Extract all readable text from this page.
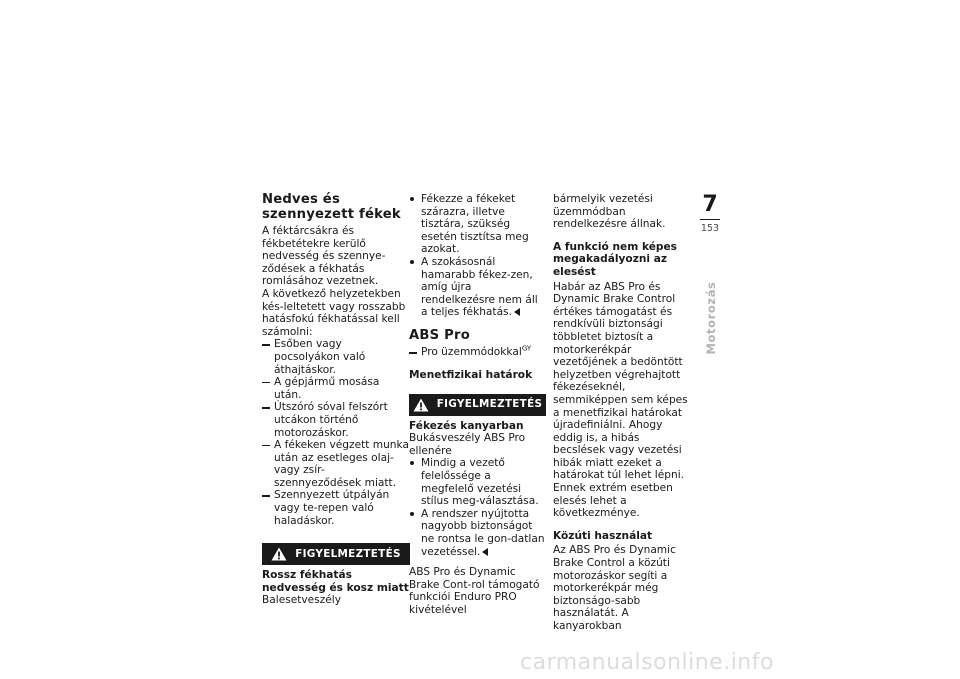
Nedves és szennyezett fékek

A féktárcsákra és fékbetétekre kerülő nedvesség és szennye-ződések a fékhatás romlásához vezetnek.

A következő helyzetekben kés-leltetett vagy rosszabb hatásfokú fékhatással kell számolni:

Esőben vagy pocsolyákon való áthajtáskor.
A gépjármű mosása után.
Útszóró sóval felszórt utcákon történő motorozáskor.
A fékeken végzett munka után az esetleges olaj- vagy zsír-szennyeződések miatt.
Szennyezett útpályán vagy te-repen való haladáskor.
FIGYELMEZTETÉS
Rossz fékhatás nedvesség és kosz miatt

Balesetveszély

Fékezze a fékeket szárazra, illetve tisztára, szükség esetén tisztítsa meg azokat.
A szokásosnál hamarabb fékez-zen, amíg újra rendelkezésre nem áll a teljes fékhatás.
ABS Pro
Pro üzemmódokkal$^{GY}$
Menetfizikai határok
FIGYELMEZTETÉS
Fékezés kanyarban

Bukásveszély ABS Pro ellenére

Mindig a vezető felelőssége a megfelelő vezetési stílus meg-választása.
A rendszer nyújtotta nagyobb biztonságot ne rontsa le gon-datlan vezetéssel.

ABS Pro és Dynamic Brake Cont-rol támogató funkciói Enduro PRO kivételével

bármelyik vezetési üzemmódban rendelkezésre állnak.

A funkció nem képes megakadályozni az elesést

Habár az ABS Pro és Dynamic Brake Control értékes támogatást és rendkívüli biztonsági többletet biztosít a motorkerékpár vezetőjének a bedöntött helyzetben végrehajtott fékezéseknél, semmiképpen sem képes a menetfizikai határokat újradefiniálni. Ahogy eddig is, a hibás becslések vagy vezetési hibák miatt ezeket a határokat túl lehet lépni. Ennek extrém esetben elesés lehet a következménye.

Közúti használat

Az ABS Pro és Dynamic Brake Control a közúti motorozáskor segíti a motorkerékpár még biztonságo-sabb használatát. A kanyarokban

7
153
Motorozás
carmanualsonline.info
